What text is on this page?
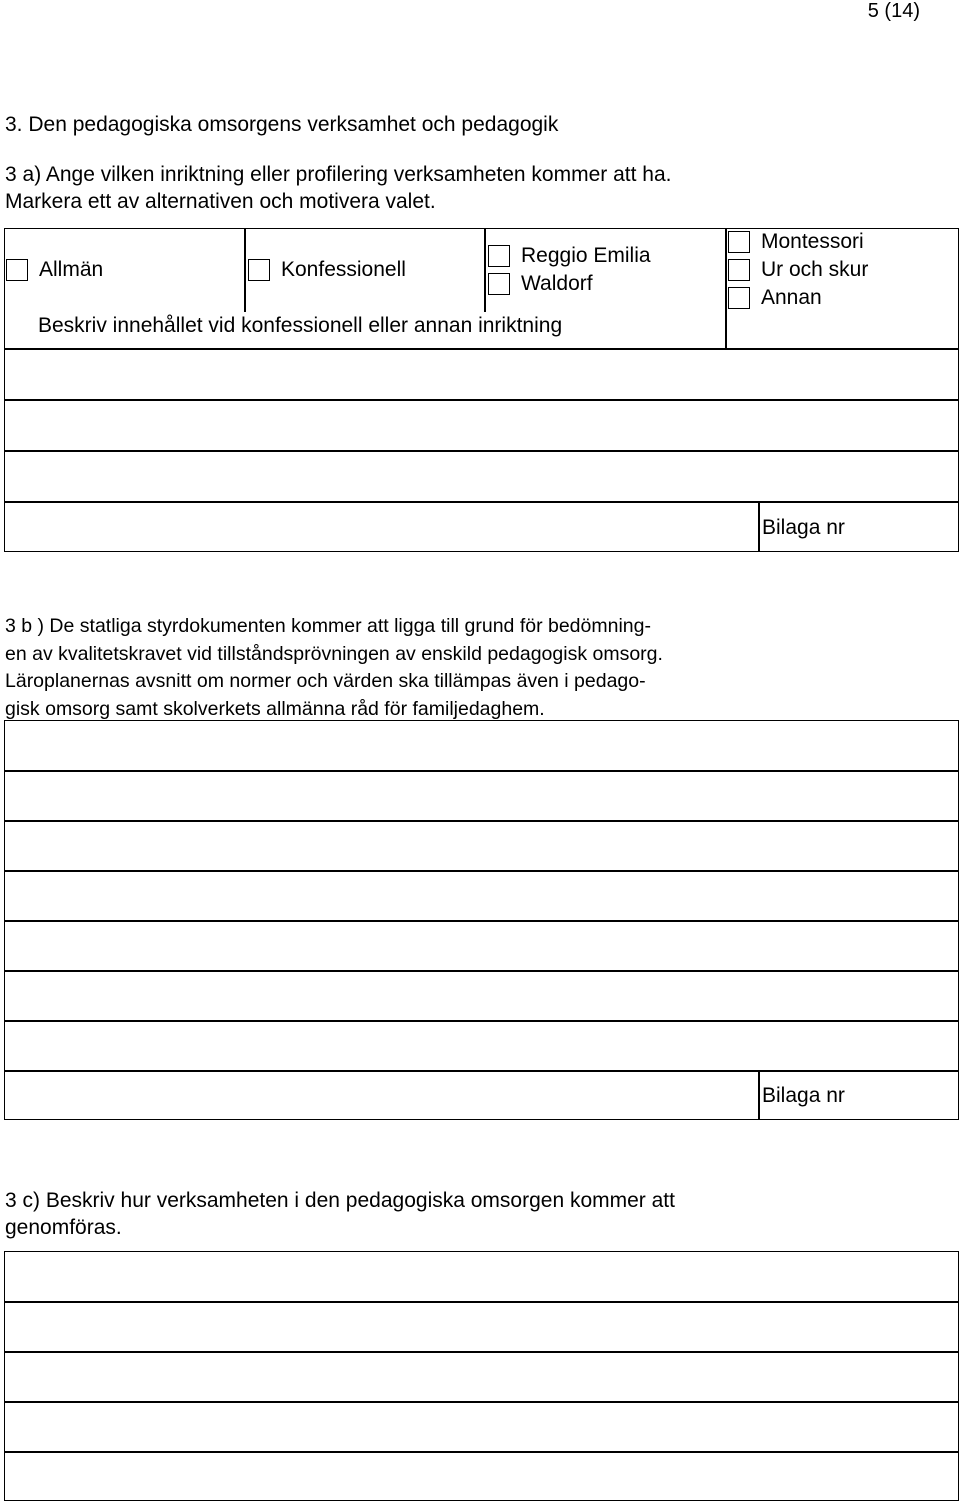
5 (14)
3. Den pedagogiska omsorgens verksamhet och pedagogik
3 a) Ange vilken inriktning eller profilering verksamheten kommer att ha.
Markera ett av alternativen och motivera valet.
Allmän	Konfessionell
Reggio Emilia
Waldorf
Montessori
Ur och skur
Annan
Beskriv innehållet vid konfessionell eller annan inriktning
Bilaga nr
3 b ) De statliga styrdokumenten kommer att ligga till grund för bedömning-
en av kvalitetskravet vid tillståndsprövningen av enskild pedagogisk omsorg.
Läroplanernas avsnitt om normer och värden ska tillämpas även i pedago-
gisk omsorg samt skolverkets allmänna råd för familjedaghem.
Bilaga nr
3 c) Beskriv hur verksamheten i den pedagogiska omsorgen kommer att
genomföras.
